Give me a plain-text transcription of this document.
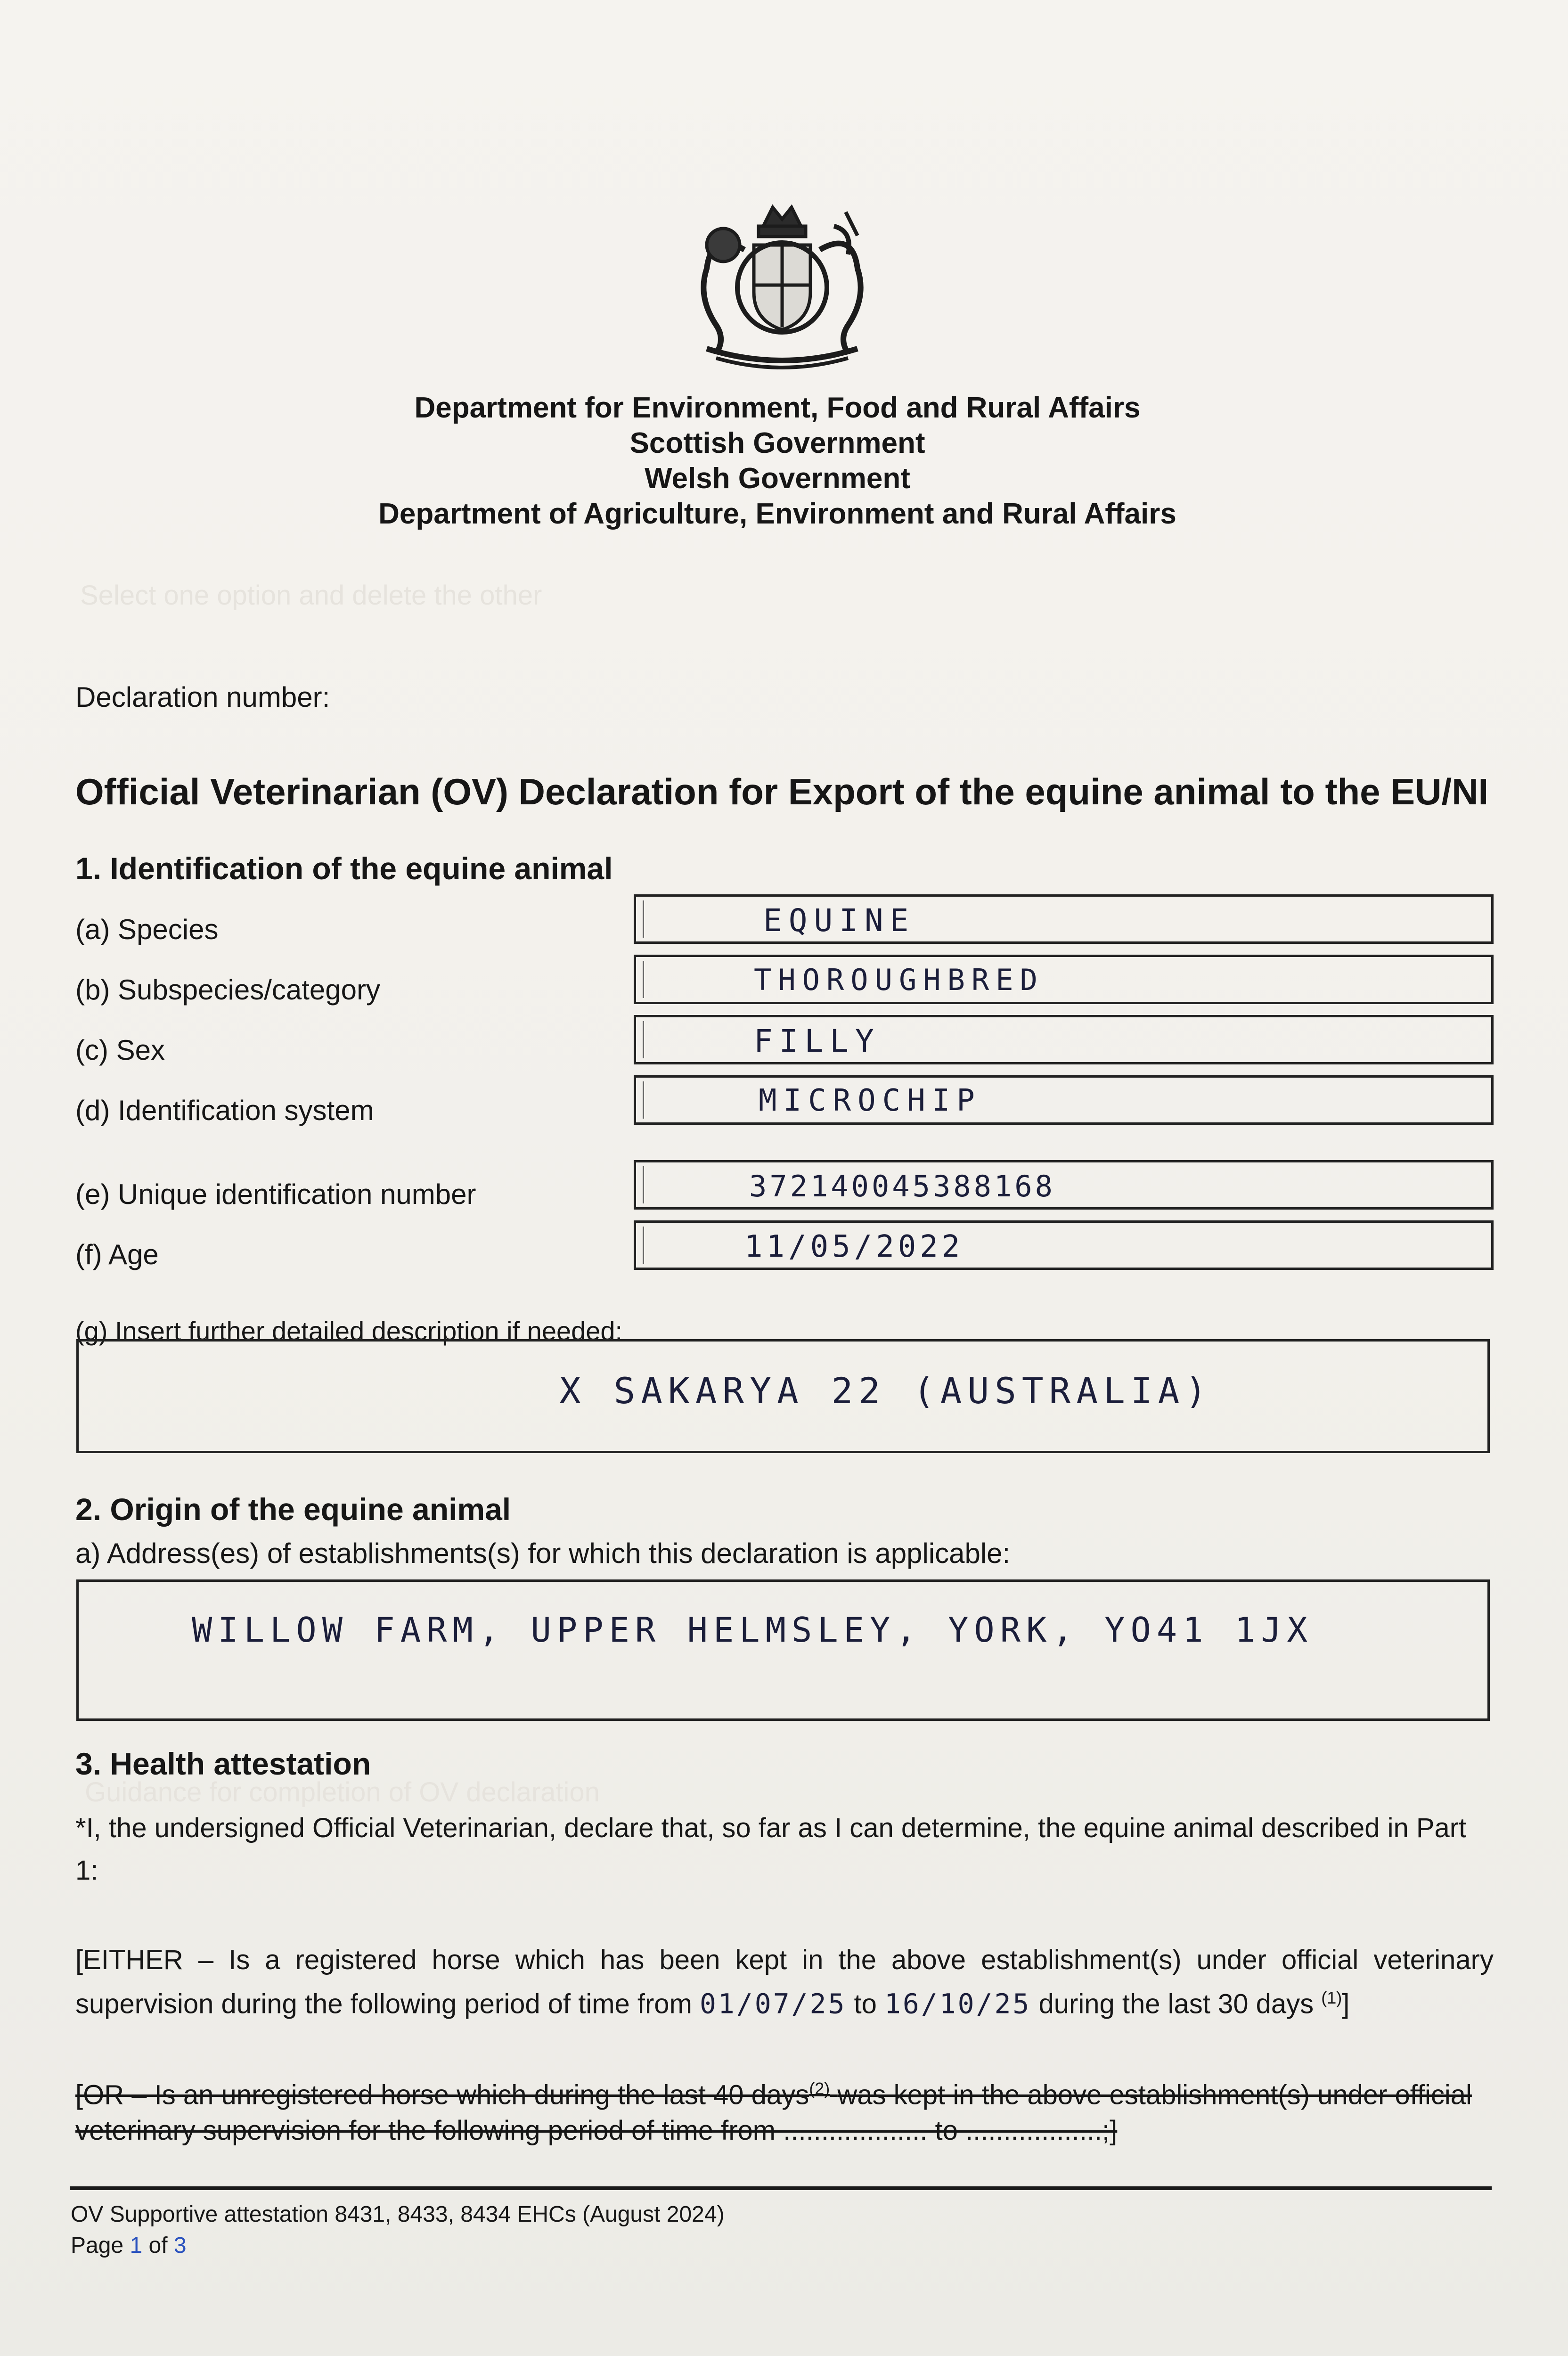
Select one option and delete the other
Guidance for completion of OV declaration
Department for Environment, Food and Rural Affairs
Scottish Government
Welsh Government
Department of Agriculture, Environment and Rural Affairs
Declaration number:
Official Veterinarian (OV) Declaration for Export of the equine animal to the EU/NI
1. Identification of the equine animal
(a) Species	EQUINE
(b) Subspecies/category	THOROUGHBRED
(c) Sex	FILLY
(d) Identification system	MICROCHIP
(e) Unique identification number	372140045388168
(f) Age	11/05/2022
(g) Insert further detailed description if needed:
X SAKARYA 22 (AUSTRALIA)
2. Origin of the equine animal
a) Address(es) of establishments(s) for which this declaration is applicable:
WILLOW FARM, UPPER HELMSLEY, YORK, YO41 1JX
3. Health attestation
*I, the undersigned Official Veterinarian, declare that, so far as I can determine, the equine animal described in Part 1:
[EITHER – Is a registered horse which has been kept in the above establishment(s) under official veterinary supervision during the following period of time from 01/07/25 to 16/10/25 during the last 30 days $^{(1)}$]
[OR – Is an unregistered horse which during the last 40 days$^{(2)}$ was kept in the above establishment(s) under official veterinary supervision for the following period of time from ................... to ..................;]
OV Supportive attestation 8431, 8433, 8434 EHCs (August 2024)
Page 1 of 3
